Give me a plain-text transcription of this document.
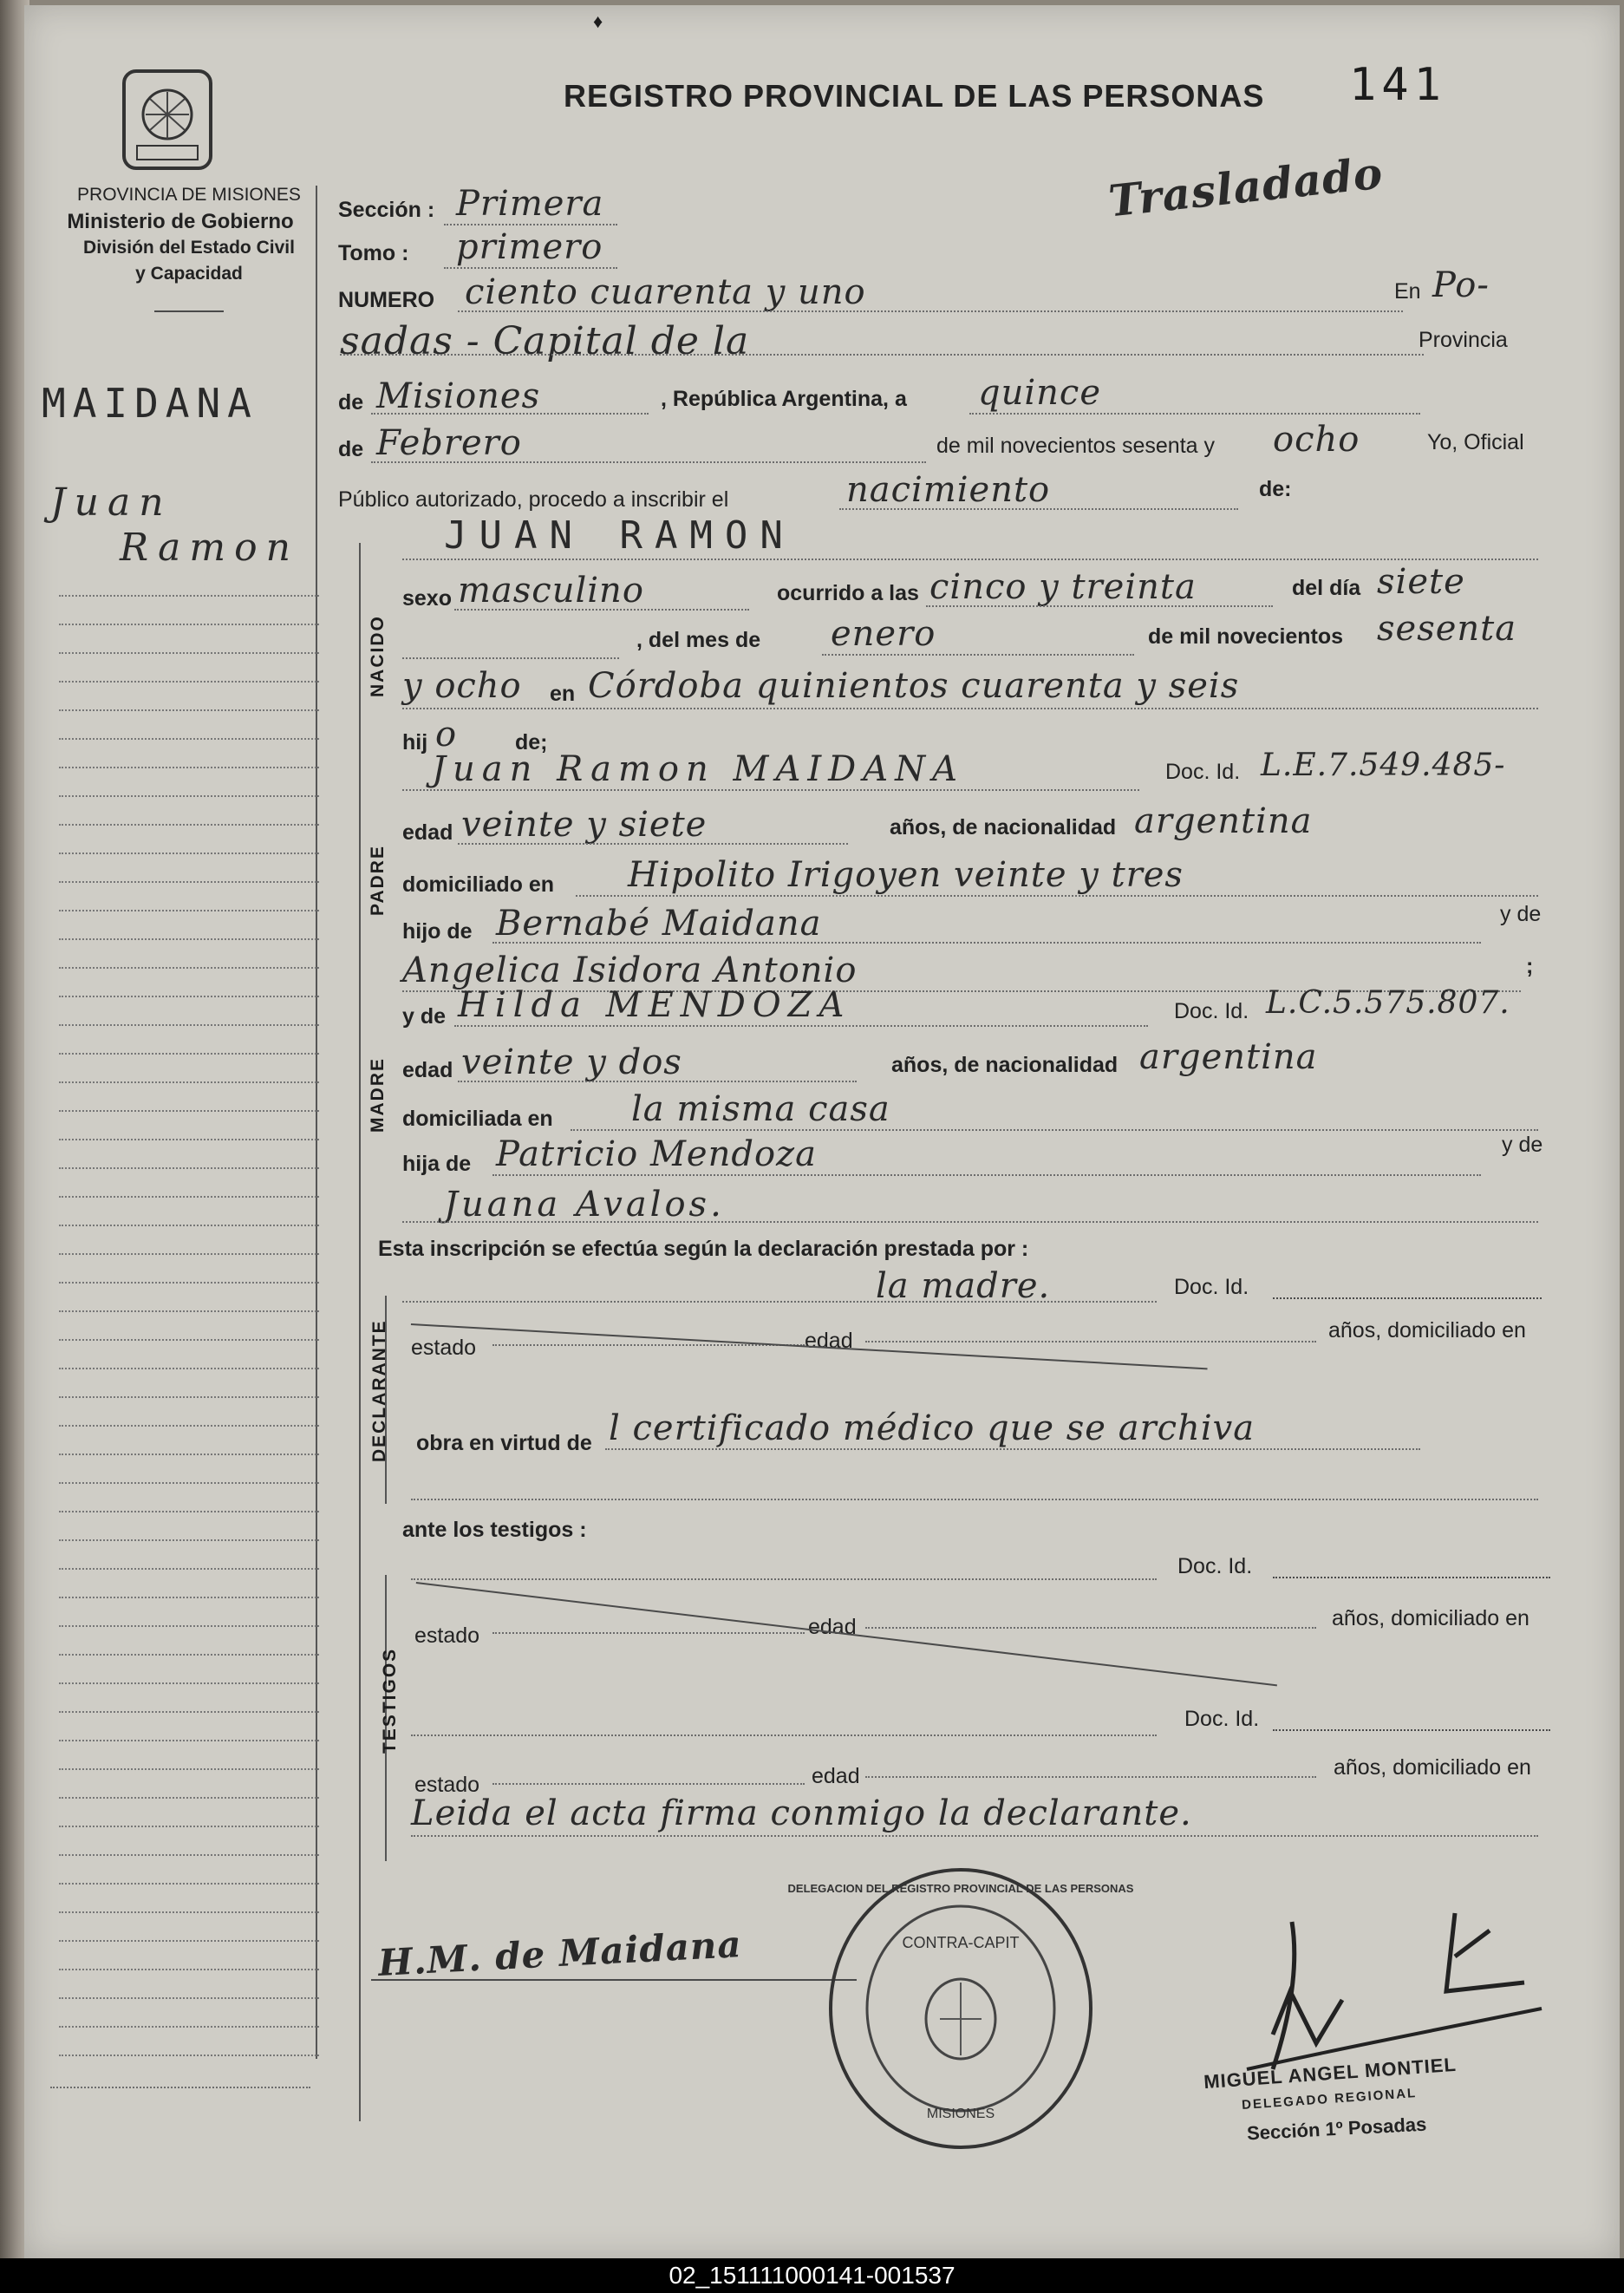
♦
PROVINCIA DE MISIONES
Ministerio de Gobierno
División del Estado Civil
y Capacidad
REGISTRO PROVINCIAL DE LAS PERSONAS 141
Trasladado
MAIDANA
Juan
Ramon
Sección : Primera
Tomo : primero
NUMERO ciento cuarenta y uno	En Po-
sadas - Capital de la	Provincia
de Misiones	, República Argentina, a quince
de Febrero	de mil novecientos sesenta y ocho	Yo, Oficial
Público autorizado, procedo a inscribir el	nacimiento	de:
NACIDO
JUAN RAMON
sexo masculino	ocurrido a las cinco y treinta	del día siete
, del mes de enero	de mil novecientos sesenta
y ocho en Córdoba quinientos cuarenta y seis
hij o	de;
PADRE
Juan Ramon MAIDANA	Doc. Id. L.E.7.549.485-
edad veinte y siete	años, de nacionalidad argentina
domiciliado en Hipolito Irigoyen veinte y tres
hijo de Bernabé Maidana	y de
Angelica Isidora Antonio	;
MADRE
y de Hilda MENDOZA	Doc. Id. L.C.5.575.807.
edad veinte y dos	años, de nacionalidad argentina
domiciliada en la misma casa
hija de Patricio Mendoza	y de
Juana Avalos.
Esta inscripción se efectúa según la declaración prestada por :
DECLARANTE
la madre.	Doc. Id.
estado	edad	años, domiciliado en
obra en virtud de l certificado médico que se archiva
ante los testigos :
TESTIGOS
Doc. Id.
estado	edad	años, domiciliado en
Doc. Id.
estado	edad	años, domiciliado en
Leida el acta firma conmigo la declarante.
H.M. de Maidana
DELEGACION DEL REGISTRO PROVINCIAL DE LAS PERSONAS
CONTRA-CAPIT
MISIONES
MIGUEL ANGEL MONTIEL
DELEGADO REGIONAL
Sección 1º Posadas
02_151111000141-001537
